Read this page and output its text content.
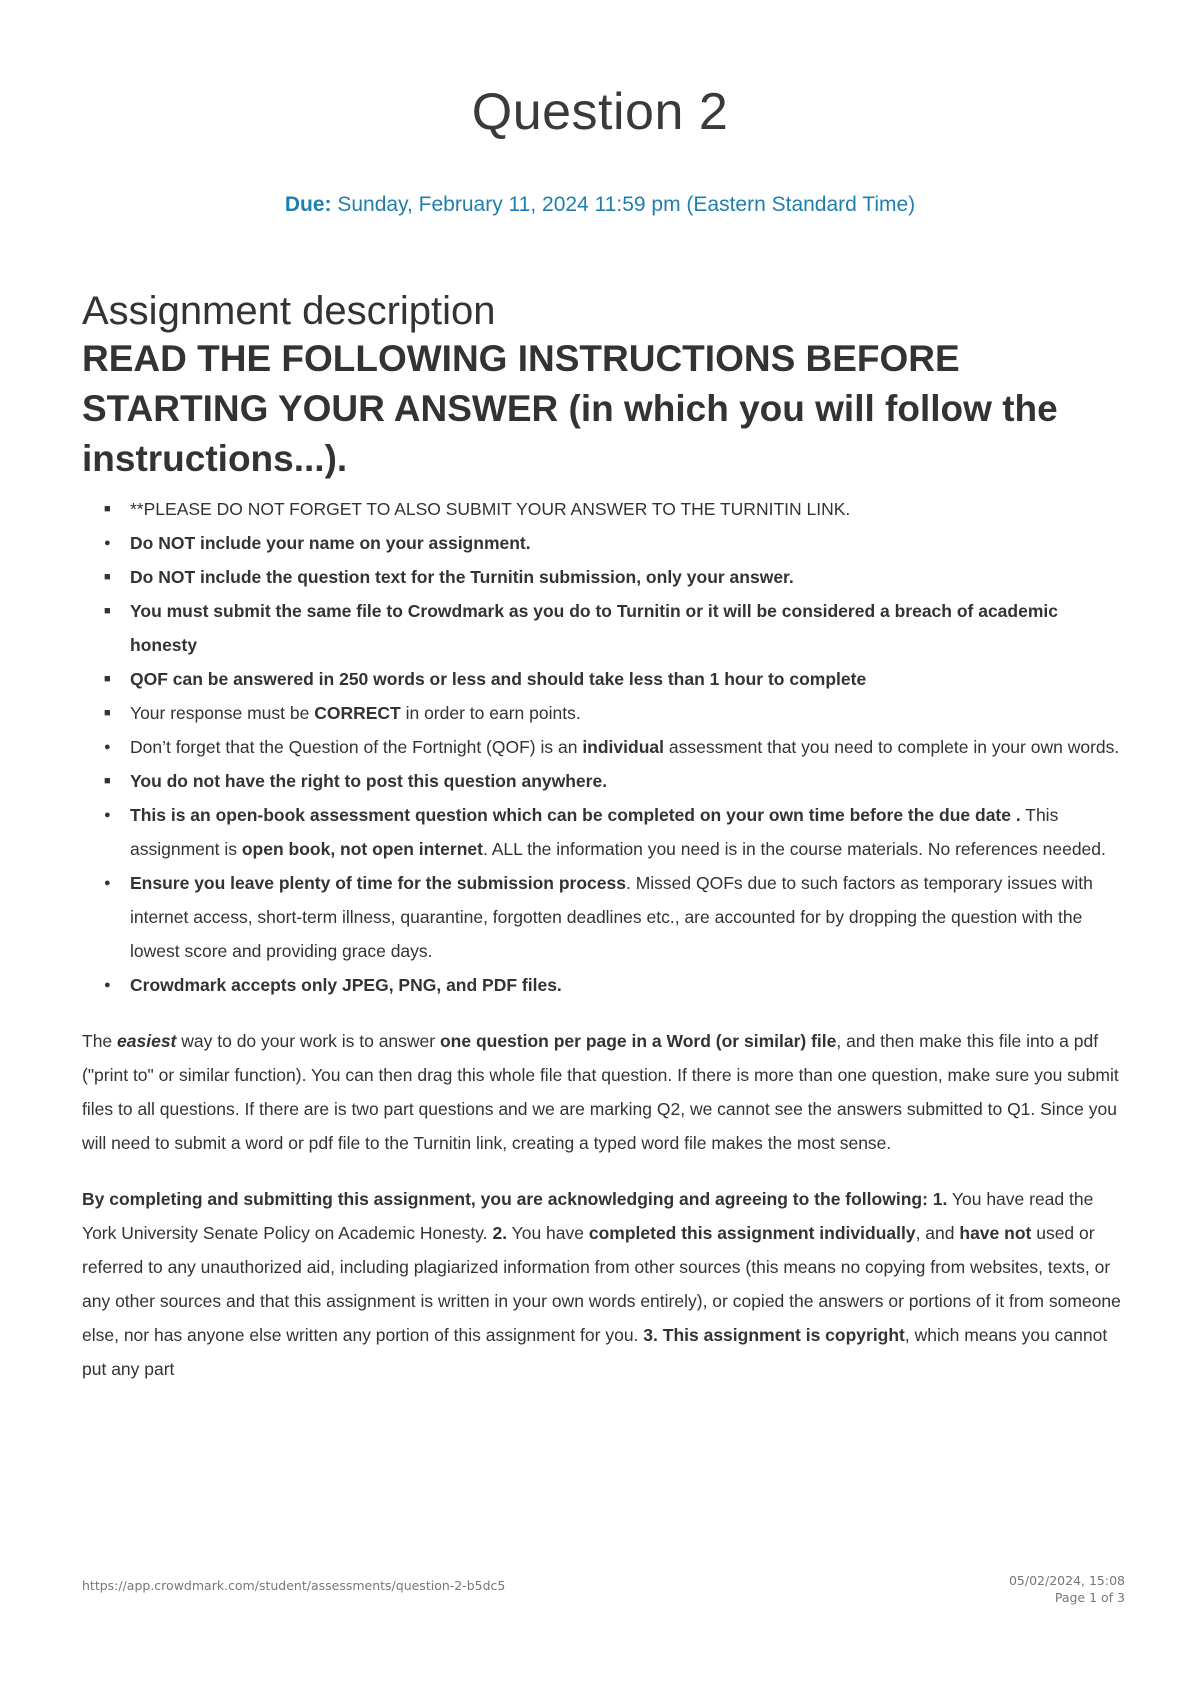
Question 2
Due: Sunday, February 11, 2024 11:59 pm (Eastern Standard Time)
Assignment description
READ THE FOLLOWING INSTRUCTIONS BEFORE STARTING YOUR ANSWER (in which you will follow the instructions...).
■ **PLEASE DO NOT FORGET TO ALSO SUBMIT YOUR ANSWER TO THE TURNITIN LINK.
● Do NOT include your name on your assignment.
■ Do NOT include the question text for the Turnitin submission, only your answer.
■ You must submit the same file to Crowdmark as you do to Turnitin or it will be considered a breach of academic honesty
■ QOF can be answered in 250 words or less and should take less than 1 hour to complete
■ Your response must be CORRECT in order to earn points.
● Don’t forget that the Question of the Fortnight (QOF) is an individual assessment that you need to complete in your own words.
■ You do not have the right to post this question anywhere.
● This is an open-book assessment question which can be completed on your own time before the due date . This assignment is open book, not open internet. ALL the information you need is in the course materials. No references needed.
● Ensure you leave plenty of time for the submission process. Missed QOFs due to such factors as temporary issues with internet access, short-term illness, quarantine, forgotten deadlines etc., are accounted for by dropping the question with the lowest score and providing grace days.
● Crowdmark accepts only JPEG, PNG, and PDF files.

The easiest way to do your work is to answer one question per page in a Word (or similar) file, and then make this file into a pdf ("print to" or similar function). You can then drag this whole file that question. If there is more than one question, make sure you submit files to all questions. If there are is two part questions and we are marking Q2, we cannot see the answers submitted to Q1. Since you will need to submit a word or pdf file to the Turnitin link, creating a typed word file makes the most sense.

By completing and submitting this assignment, you are acknowledging and agreeing to the following: 1. You have read the York University Senate Policy on Academic Honesty. 2. You have completed this assignment individually, and have not used or referred to any unauthorized aid, including plagiarized information from other sources (this means no copying from websites, texts, or any other sources and that this assignment is written in your own words entirely), or copied the answers or portions of it from someone else, nor has anyone else written any portion of this assignment for you. 3. This assignment is copyright, which means you cannot put any part

https://app.crowdmark.com/student/assessments/question-2-b5dc5	05/02/2024, 15:08
Page 1 of 3
